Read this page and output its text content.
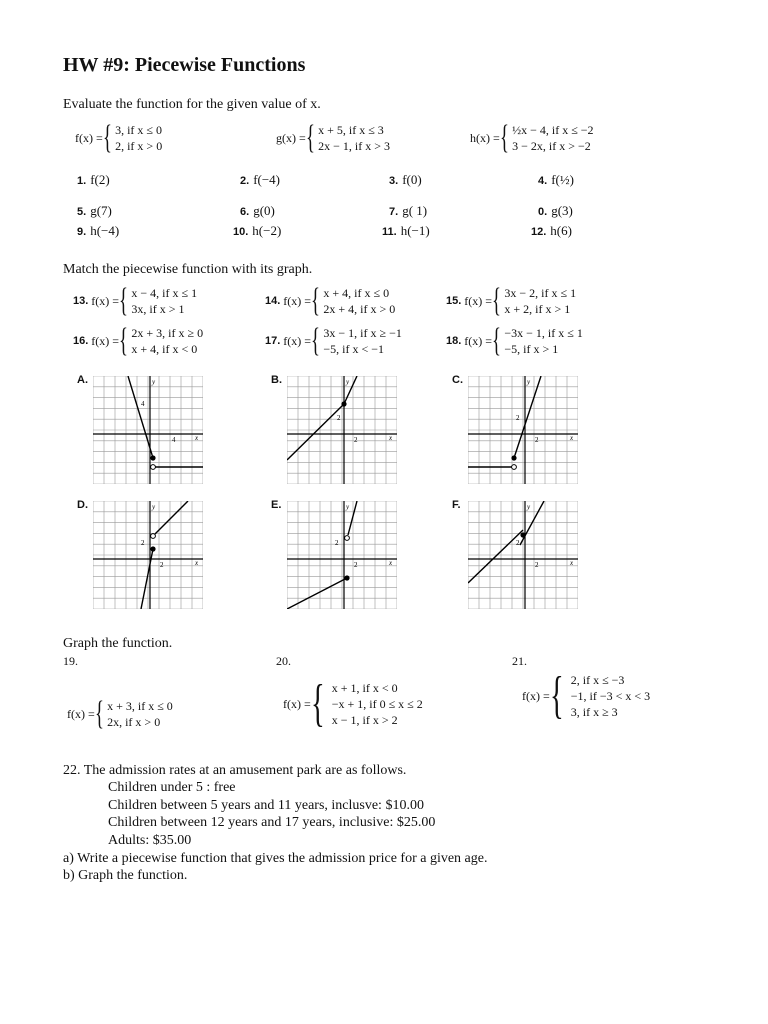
HW #9: Piecewise Functions
Evaluate the function for the given value of x.
f(x) = { 3, if x ≤ 0
2, if x > 0
g(x) = { x + 5, if x ≤ 3
2x − 1, if x > 3
h(x) = { ½x − 4, if x ≤ −2
3 − 2x, if x > −2
1. f(2)	2. f(−4)	3. f(0)	4. f(½)
5. g(7)	6. g(0)	7. g( 1)	0. g(3)
9. h(−4)	10. h(−2)	11. h(−1)	12. h(6)
Match the piecewise function with its graph.
13.
f(x) = { x − 4, if x ≤ 1
3x, if x > 1
14.
f(x) = { x + 4, if x ≤ 0
2x + 4, if x > 0
15.
f(x) = { 3x − 2, if x ≤ 1
x + 2, if x > 1
16.
f(x) = { 2x + 3, if x ≥ 0
x + 4, if x < 0
17.
f(x) = { 3x − 1, if x ≥ −1
−5, if x < −1
18.
f(x) = { −3x − 1, if x ≤ 1
−5, if x > 1
A.	B.	C.
D.	E.	F.
y
x
4
4
y
x
2
2
y
x
2
2
y
x
2
2
y
x
2
2
y
x
2
2
Graph the function.
19.	20.	21.
f(x) = { x + 3, if x ≤ 0
2x, if x > 0
f(x) = { x + 1, if x < 0
−x + 1, if 0 ≤ x ≤ 2
x − 1, if x > 2
f(x) = { 2, if x ≤ −3
−1, if −3 < x < 3
3, if x ≥ 3
22. The admission rates at an amusement park are as follows.
Children under 5 : free
Children between 5 years and 11 years, inclusve: $10.00
Children between 12 years and 17 years, inclusive: $25.00
Adults: $35.00
a) Write a piecewise function that gives the admission price for a given age.
b) Graph the function.
